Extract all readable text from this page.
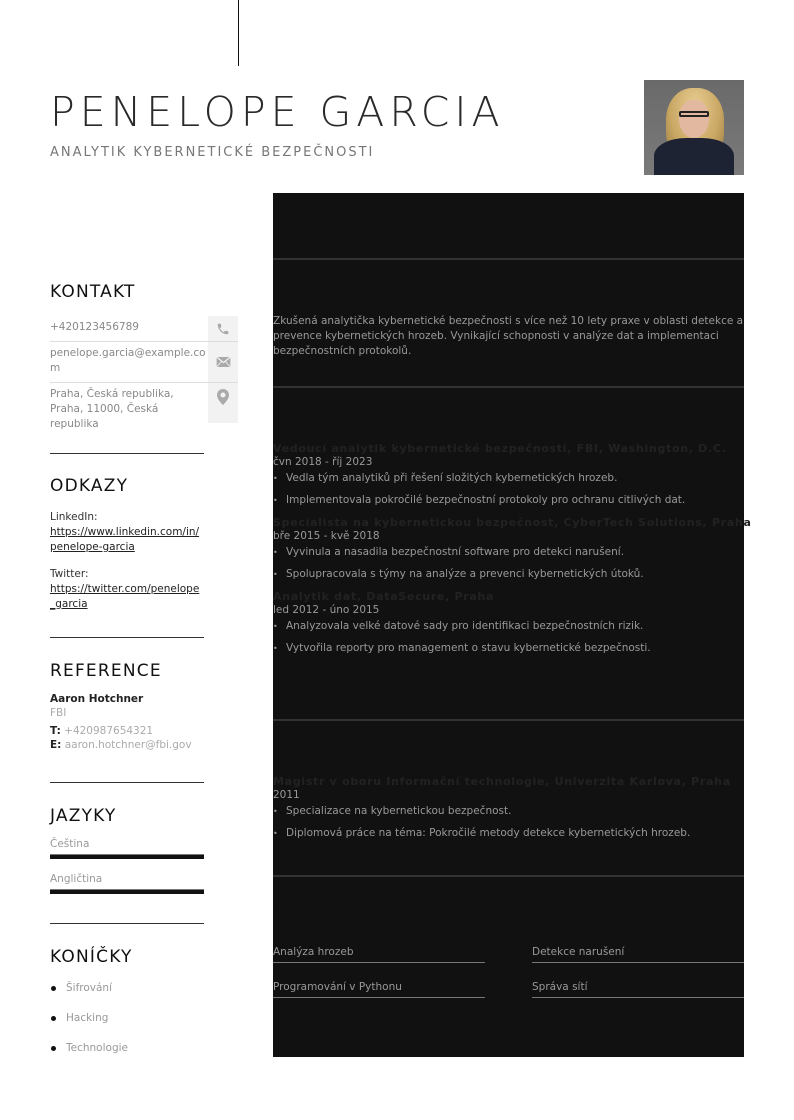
PENELOPE GARCIA
ANALYTIK KYBERNETICKÉ BEZPEČNOSTI
KONTAKT
+420123456789
penelope.garcia@example.com
Praha, Česká republika, Praha, 11000, Česká republika
ODKAZY
LinkedIn:
https://www.linkedin.com/in/penelope-garcia
Twitter:
https://twitter.com/penelope_garcia
REFERENCE
Aaron Hotchner
FBI
T: +420987654321
E: aaron.hotchner@fbi.gov
JAZYKY
Čeština
Angličtina
KONÍČKY
Šifrování
Hacking
Technologie
O MNĚ
Zkušená analytička kybernetické bezpečnosti s více než 10 lety praxe v oblasti detekce a prevence kybernetických hrozeb. Vynikající schopnosti v analýze dat a implementaci bezpečnostních protokolů.
PRACOVNÍ ZKUŠENOSTI
Vedoucí analytik kybernetické bezpečnosti, FBI, Washington, D.C.
čvn 2018 - říj 2023
• Vedla tým analytiků při řešení složitých kybernetických hrozeb.
• Implementovala pokročilé bezpečnostní protokoly pro ochranu citlivých dat.
Specialista na kybernetickou bezpečnost, CyberTech Solutions, Praha
bře 2015 - kvě 2018
• Vyvinula a nasadila bezpečnostní software pro detekci narušení.
• Spolupracovala s týmy na analýze a prevenci kybernetických útoků.
Analytik dat, DataSecure, Praha
led 2012 - úno 2015
• Analyzovala velké datové sady pro identifikaci bezpečnostních rizik.
• Vytvořila reporty pro management o stavu kybernetické bezpečnosti.
VZDĚLÁNÍ
Magistr v oboru Informační technologie, Univerzita Karlova, Praha
2011
• Specializace na kybernetickou bezpečnost.
• Diplomová práce na téma: Pokročilé metody detekce kybernetických hrozeb.
DOVEDNOSTI
Analýza hrozeb	Detekce narušení
Programování v Pythonu	Správa sítí
